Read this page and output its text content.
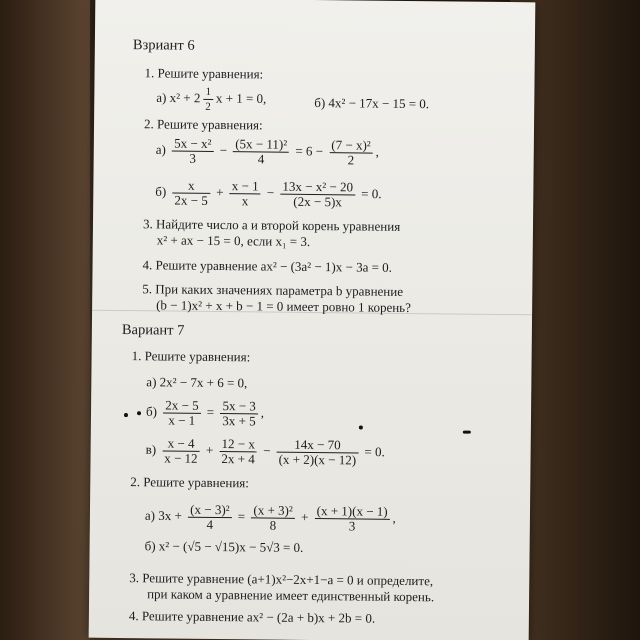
Взриант 6
1. Решите уравнения:
а) $x^2 + 2 \frac{1}{2}$ x + 1 = 0,	б) 4x² − 17x − 15 = 0.
2. Решите уравнения:
$а) \frac{\text{5x − x²}}{3} - \frac{\text{(5x − 11)²}}{4} = 6 - \frac{\text{(7 − x)²}}{2}$ ,
$б) \frac{x}{2x - 5} + \frac{x - 1}{x} - \frac{\text{13x − x² − 20}}{(2x - 5)x} = 0$.
3. Найдите число a и второй корень уравнения
x² + ax − 15 = 0, если x₁ = 3.
4. Решите уравнение ax² − (3a² − 1)x − 3a = 0.
5. При каких значениях параметра b уравнение
(b − 1)x² + x + b − 1 = 0 имеет ровно 1 корень?
Вариант 7
1. Решите уравнения:
а) 2x² − 7x + 6 = 0,
$б) \frac{2x - 5}{x - 1} = \frac{5x - 3}{3x + 5}$ ,
$в) \frac{x - 4}{x - 12} + \frac{12 - x}{2x + 4} - \frac{14x - 70}{(x + 2)(x - 12)} = 0$.
2. Решите уравнения:
а) $3x + \frac{\text{(x − 3)²}}{4} = \frac{\text{(x + 3)²}}{8} + \frac{(x + 1)(x - 1)}{3}$ ,
б) x² − (√5 − √15)x − 5√3 = 0.
3. Решите уравнение (a+1)x²−2x+1−a = 0 и определите,
при каком a уравнение имеет единственный корень.
4. Решите уравнение ax² − (2a + b)x + 2b = 0.
